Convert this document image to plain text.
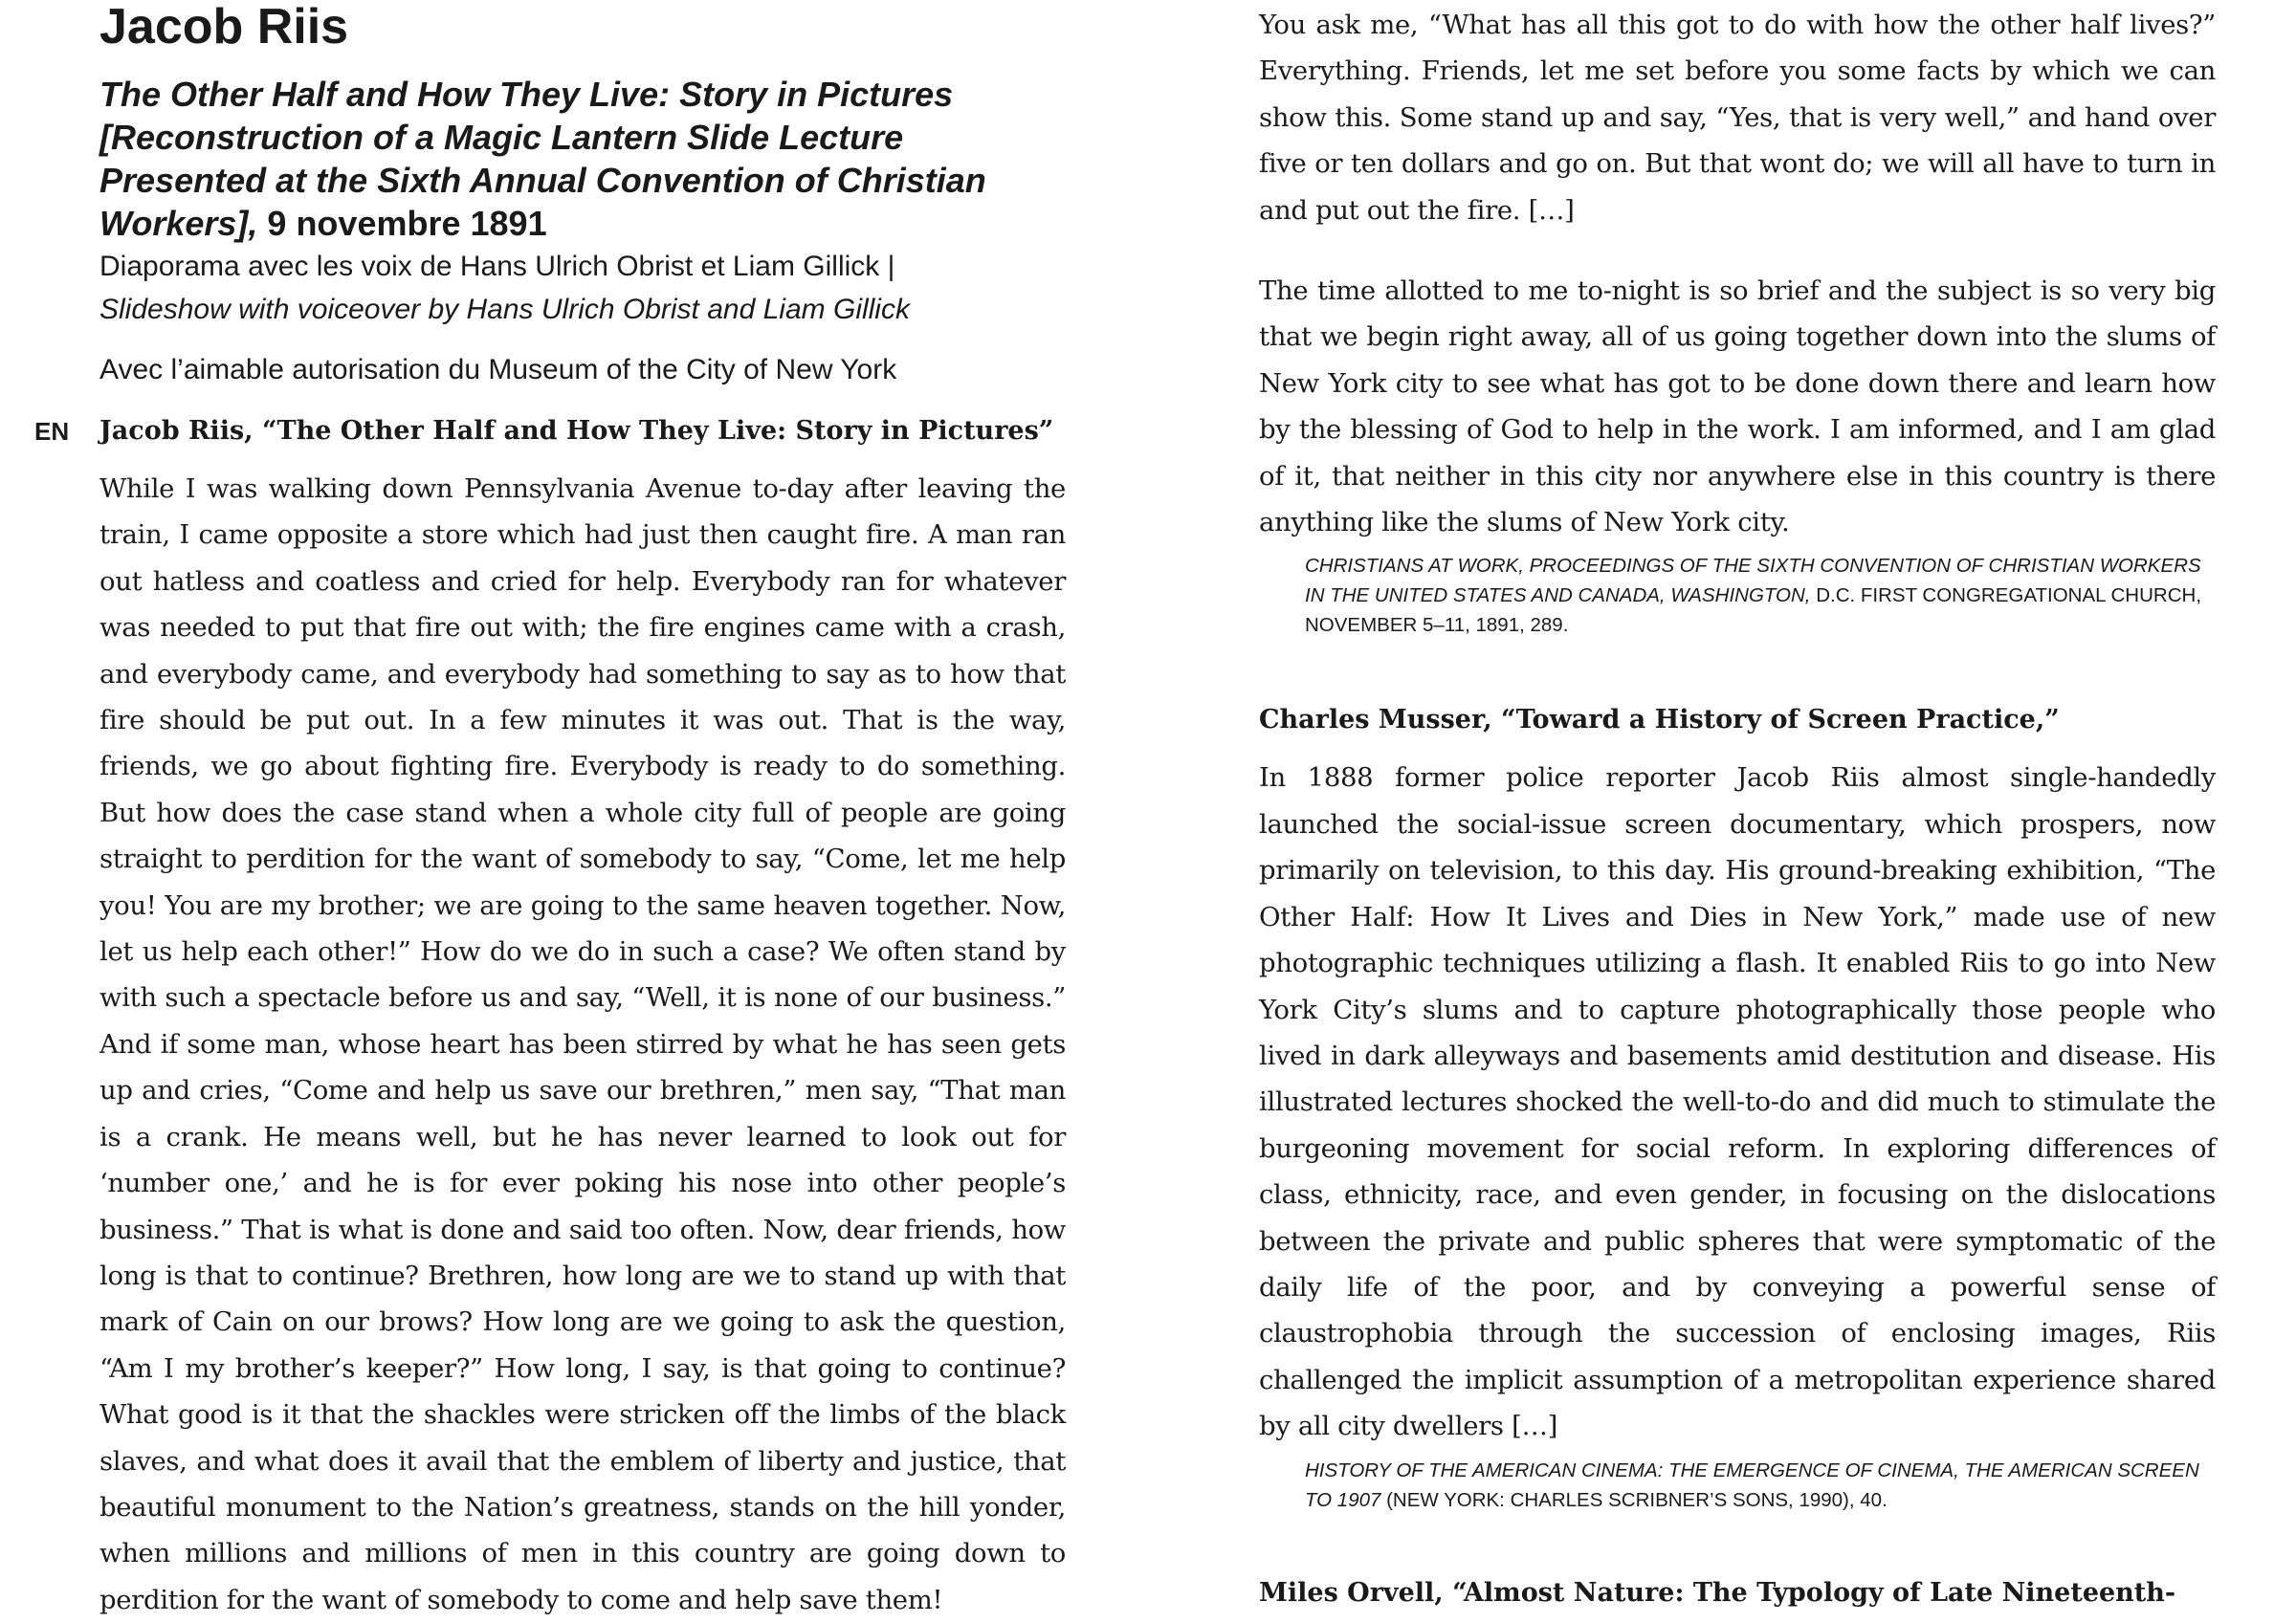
Jacob Riis

The Other Half and How They Live: Story in Pictures [Reconstruction of a Magic Lantern Slide Lecture Presented at the Sixth Annual Convention of Christian Workers], 9 novembre 1891

Diaporama avec les voix de Hans Ulrich Obrist et Liam Gillick |
Slideshow with voiceover by Hans Ulrich Obrist and Liam Gillick

Avec l’aimable autorisation du Museum of the City of New York

EN Jacob Riis, “The Other Half and How They Live: Story in Pictures”

While I was walking down Pennsylvania Avenue to-day after leaving the train, I came opposite a store which had just then caught fire. A man ran out hatless and coatless and cried for help. Everybody ran for whatever was needed to put that fire out with; the fire engines came with a crash, and everybody came, and everybody had something to say as to how that fire should be put out. In a few minutes it was out. That is the way, friends, we go about fighting fire. Everybody is ready to do something. But how does the case stand when a whole city full of people are going straight to perdition for the want of somebody to say, “Come, let me help you! You are my brother; we are going to the same heaven together. Now, let us help each other!” How do we do in such a case? We often stand by with such a spectacle before us and say, “Well, it is none of our business.” And if some man, whose heart has been stirred by what he has seen gets up and cries, “Come and help us save our brethren,” men say, “That man is a crank. He means well, but he has never learned to look out for ‘number one,’ and he is for ever poking his nose into other people’s business.” That is what is done and said too often. Now, dear friends, how long is that to continue? Brethren, how long are we to stand up with that mark of Cain on our brows? How long are we going to ask the question, “Am I my brother’s keeper?” How long, I say, is that going to continue? What good is it that the shackles were stricken off the limbs of the black slaves, and what does it avail that the emblem of liberty and justice, that beautiful monument to the Nation’s greatness, stands on the hill yonder, when millions and millions of men in this country are going down to perdition for the want of somebody to come and help save them!

You ask me, “What has all this got to do with how the other half lives?” Everything. Friends, let me set before you some facts by which we can show this. Some stand up and say, “Yes, that is very well,” and hand over five or ten dollars and go on. But that wont do; we will all have to turn in and put out the fire. […]

The time allotted to me to-night is so brief and the subject is so very big that we begin right away, all of us going together down into the slums of New York city to see what has got to be done down there and learn how by the blessing of God to help in the work. I am informed, and I am glad of it, that neither in this city nor anywhere else in this country is there anything like the slums of New York city.

CHRISTIANS AT WORK, PROCEEDINGS OF THE SIXTH CONVENTION OF CHRISTIAN WORKERS IN THE UNITED STATES AND CANADA, WASHINGTON, D.C. FIRST CONGREGATIONAL CHURCH, NOVEMBER 5–11, 1891, 289.

Charles Musser, “Toward a History of Screen Practice,”

In 1888 former police reporter Jacob Riis almost single-handedly launched the social-issue screen documentary, which prospers, now primarily on television, to this day. His ground-breaking exhibition, “The Other Half: How It Lives and Dies in New York,” made use of new photographic techniques utilizing a flash. It enabled Riis to go into New York City’s slums and to capture photographically those people who lived in dark alleyways and basements amid destitution and disease. His illustrated lectures shocked the well-to-do and did much to stimulate the burgeoning movement for social reform. In exploring differences of class, ethnicity, race, and even gender, in focusing on the dislocations between the private and public spheres that were symptomatic of the daily life of the poor, and by conveying a powerful sense of claustrophobia through the succession of enclosing images, Riis challenged the implicit assumption of a metropolitan experience shared by all city dwellers […]

HISTORY OF THE AMERICAN CINEMA: THE EMERGENCE OF CINEMA, THE AMERICAN SCREEN TO 1907 (NEW YORK: CHARLES SCRIBNER’S SONS, 1990), 40.

Miles Orvell, “Almost Nature: The Typology of Late Nineteenth-
